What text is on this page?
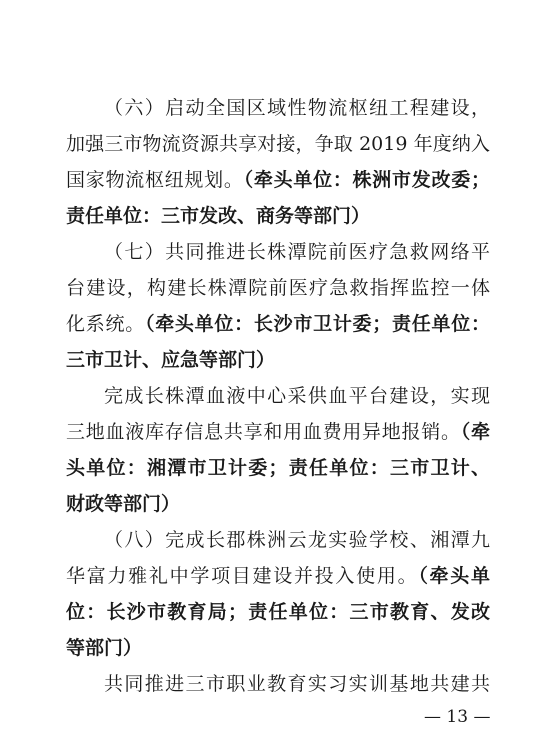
（六）启动全国区域性物流枢纽工程建设，
加强三市物流资源共享对接，争取 2019 年度纳入
国家物流枢纽规划。（牵头单位：株洲市发改委；
责任单位：三市发改、商务等部门）
（七）共同推进长株潭院前医疗急救网络平
台建设，构建长株潭院前医疗急救指挥监控一体
化系统。（牵头单位：长沙市卫计委；责任单位：
三市卫计、应急等部门）
完成长株潭血液中心采供血平台建设，实现
三地血液库存信息共享和用血费用异地报销。（牵
头单位：湘潭市卫计委；责任单位：三市卫计、
财政等部门）
（八）完成长郡株洲云龙实验学校、湘潭九
华富力雅礼中学项目建设并投入使用。（牵头单
位：长沙市教育局；责任单位：三市教育、发改
等部门）
共同推进三市职业教育实习实训基地共建共
— 13 —
